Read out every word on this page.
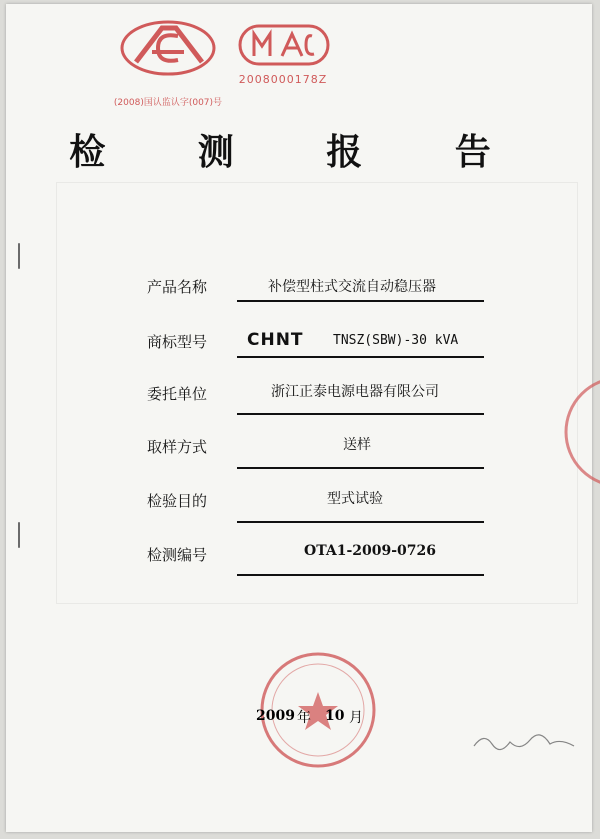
(2008)国认监认字(007)号
2008000178Z
检 测 报 告
产品名称	补偿型柱式交流自动稳压器
商标型号 CHNT TNSZ(SBW)-30 kVA
委托单位	浙江正泰电源电器有限公司
取样方式	送样
检验目的	型式试验
检测编号	OTA1-2009-0726
2009 年 10 月
